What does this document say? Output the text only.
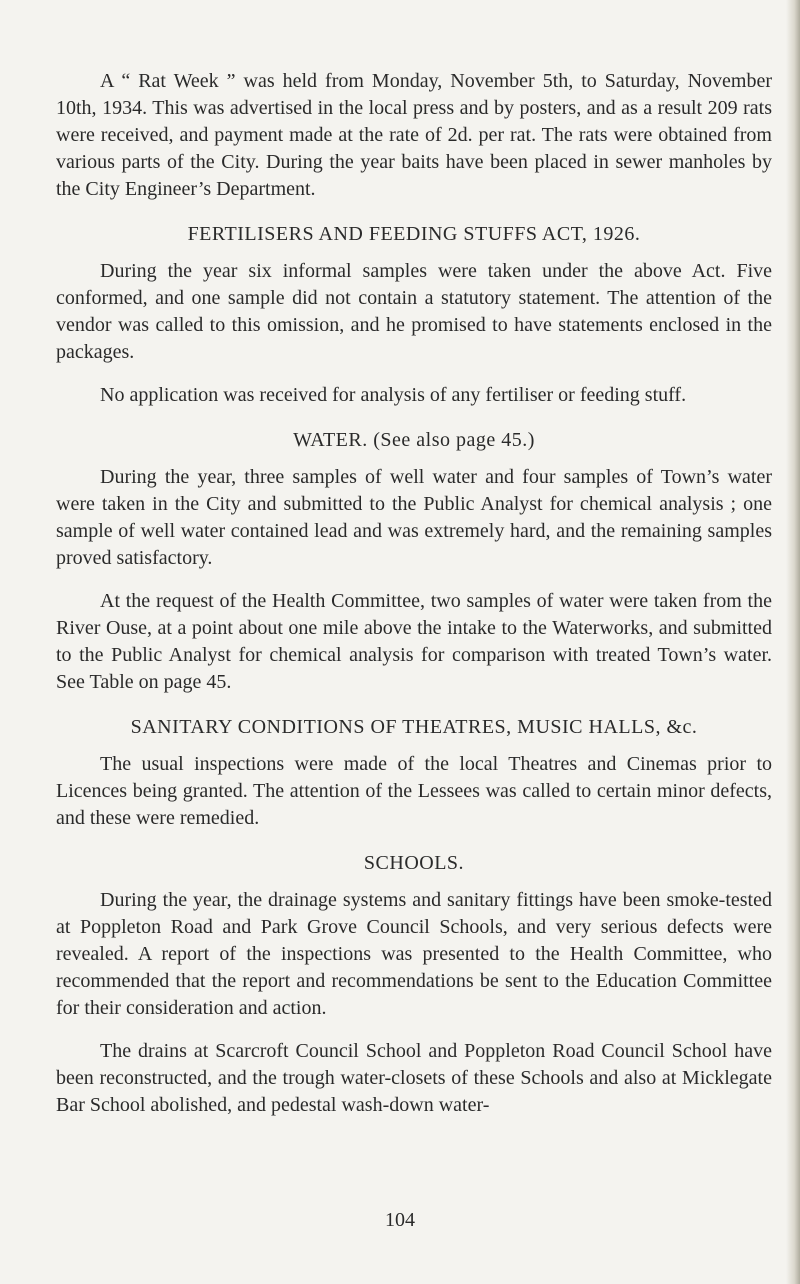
A “ Rat Week ” was held from Monday, November 5th, to Saturday, November 10th, 1934. This was advertised in the local press and by posters, and as a result 209 rats were received, and payment made at the rate of 2d. per rat. The rats were obtained from various parts of the City. During the year baits have been placed in sewer manholes by the City Engineer’s Department.

FERTILISERS AND FEEDING STUFFS ACT, 1926.

During the year six informal samples were taken under the above Act. Five conformed, and one sample did not contain a statutory statement. The attention of the vendor was called to this omission, and he promised to have statements enclosed in the packages.

No application was received for analysis of any fertiliser or feeding stuff.

WATER. (See also page 45.)

During the year, three samples of well water and four samples of Town’s water were taken in the City and submitted to the Public Analyst for chemical analysis ; one sample of well water contained lead and was extremely hard, and the remaining samples proved satisfactory.

At the request of the Health Committee, two samples of water were taken from the River Ouse, at a point about one mile above the intake to the Waterworks, and submitted to the Public Analyst for chemical analysis for comparison with treated Town’s water. See Table on page 45.

SANITARY CONDITIONS OF THEATRES, MUSIC HALLS, &c.

The usual inspections were made of the local Theatres and Cinemas prior to Licences being granted. The attention of the Lessees was called to certain minor defects, and these were remedied.

SCHOOLS.

During the year, the drainage systems and sanitary fittings have been smoke-tested at Poppleton Road and Park Grove Council Schools, and very serious defects were revealed. A report of the inspections was presented to the Health Committee, who recommended that the report and recommendations be sent to the Education Committee for their consideration and action.

The drains at Scarcroft Council School and Poppleton Road Council School have been reconstructed, and the trough water-closets of these Schools and also at Micklegate Bar School abolished, and pedestal wash-down water-

104
